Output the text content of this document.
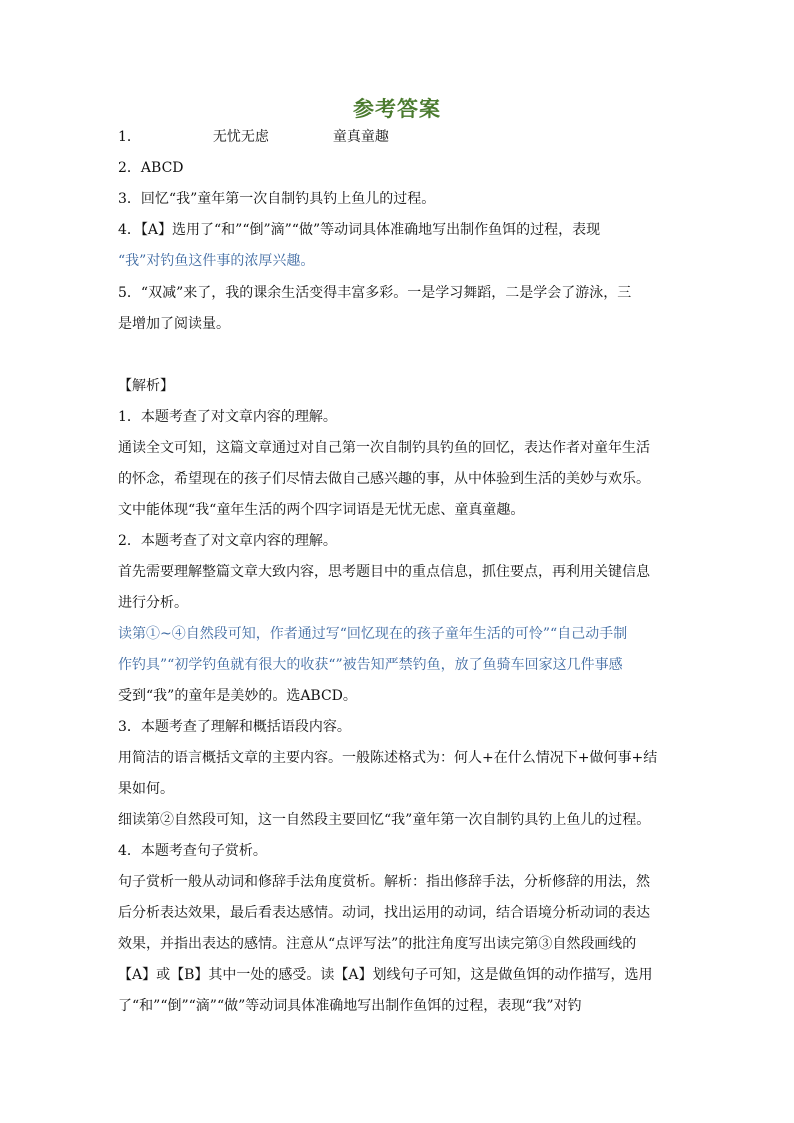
参考答案
1．	无忧无虑	童真童趣
2．ABCD
3．回忆“我”童年第一次自制钓具钓上鱼儿的过程。
4．【A】选用了“和”“倒”滴”“做”等动词具体准确地写出制作鱼饵的过程，表现
“我”对钓鱼这件事的浓厚兴趣。
5．“双减”来了，我的课余生活变得丰富多彩。一是学习舞蹈，二是学会了游泳，三
是增加了阅读量。
【解析】
1．本题考查了对文章内容的理解。
通读全文可知，这篇文章通过对自己第一次自制钓具钓鱼的回忆，表达作者对童年生活
的怀念，希望现在的孩子们尽情去做自己感兴趣的事，从中体验到生活的美妙与欢乐。
文中能体现“我“童年生活的两个四字词语是无忧无虑、童真童趣。
2．本题考查了对文章内容的理解。
首先需要理解整篇文章大致内容，思考题目中的重点信息，抓住要点，再利用关键信息
进行分析。
读第①~④自然段可知，作者通过写“回忆现在的孩子童年生活的可怜”“自己动手制
作钓具”“初学钓鱼就有很大的收获“”被告知严禁钓鱼，放了鱼骑车回家这几件事感
受到“我”的童年是美妙的。选ABCD。
3．本题考查了理解和概括语段内容。
用简洁的语言概括文章的主要内容。一般陈述格式为：何人+在什么情况下+做何事+结
果如何。
细读第②自然段可知，这一自然段主要回忆“我”童年第一次自制钓具钓上鱼儿的过程。
4．本题考查句子赏析。
句子赏析一般从动词和修辞手法角度赏析。解析：指出修辞手法，分析修辞的用法，然
后分析表达效果，最后看表达感情。动词，找出运用的动词，结合语境分析动词的表达
效果，并指出表达的感情。注意从“点评写法”的批注角度写出读完第③自然段画线的
【A】或【B】其中一处的感受。读【A】划线句子可知，这是做鱼饵的动作描写，选用
了“和”“倒”“滴”“做”等动词具体准确地写出制作鱼饵的过程，表现“我”对钓
